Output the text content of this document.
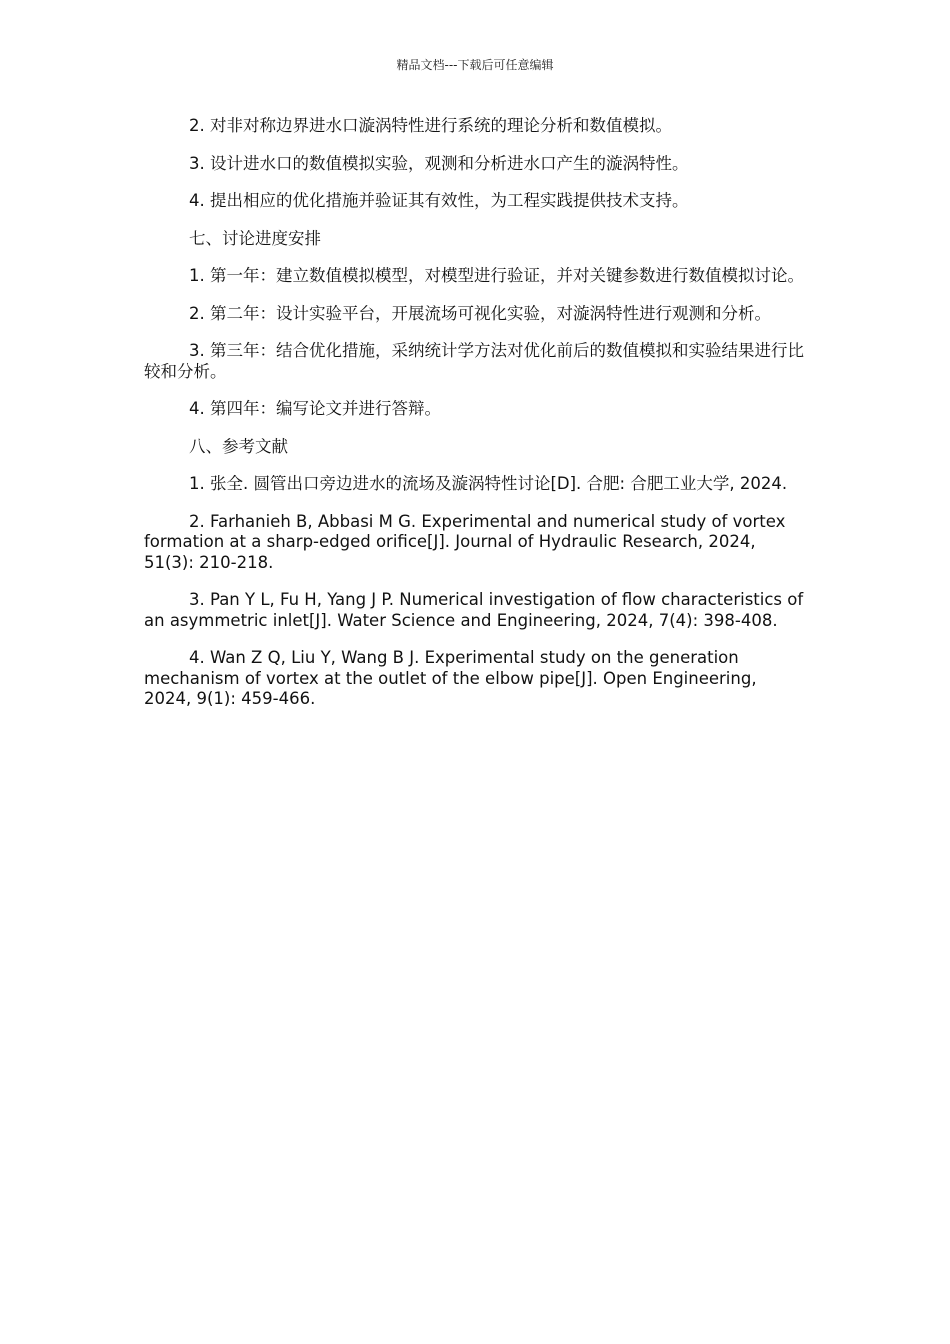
精品文档---下载后可任意编辑

2. 对非对称边界进水口漩涡特性进行系统的理论分析和数值模拟。

3. 设计进水口的数值模拟实验，观测和分析进水口产生的漩涡特性。

4. 提出相应的优化措施并验证其有效性，为工程实践提供技术支持。

七、讨论进度安排

1. 第一年：建立数值模拟模型，对模型进行验证，并对关键参数进行数值模拟讨论。

2. 第二年：设计实验平台，开展流场可视化实验，对漩涡特性进行观测和分析。

3. 第三年：结合优化措施，采纳统计学方法对优化前后的数值模拟和实验结果进行比较和分析。

4. 第四年：编写论文并进行答辩。

八、参考文献

1. 张全. 圆管出口旁边进水的流场及漩涡特性讨论[D]. 合肥: 合肥工业大学, 2024.

2. Farhanieh B, Abbasi M G. Experimental and numerical study of vortex formation at a sharp-edged orifice[J]. Journal of Hydraulic Research, 2024, 51(3): 210-218.

3. Pan Y L, Fu H, Yang J P. Numerical investigation of flow characteristics of an asymmetric inlet[J]. Water Science and Engineering, 2024, 7(4): 398-408.

4. Wan Z Q, Liu Y, Wang B J. Experimental study on the generation mechanism of vortex at the outlet of the elbow pipe[J]. Open Engineering, 2024, 9(1): 459-466.
